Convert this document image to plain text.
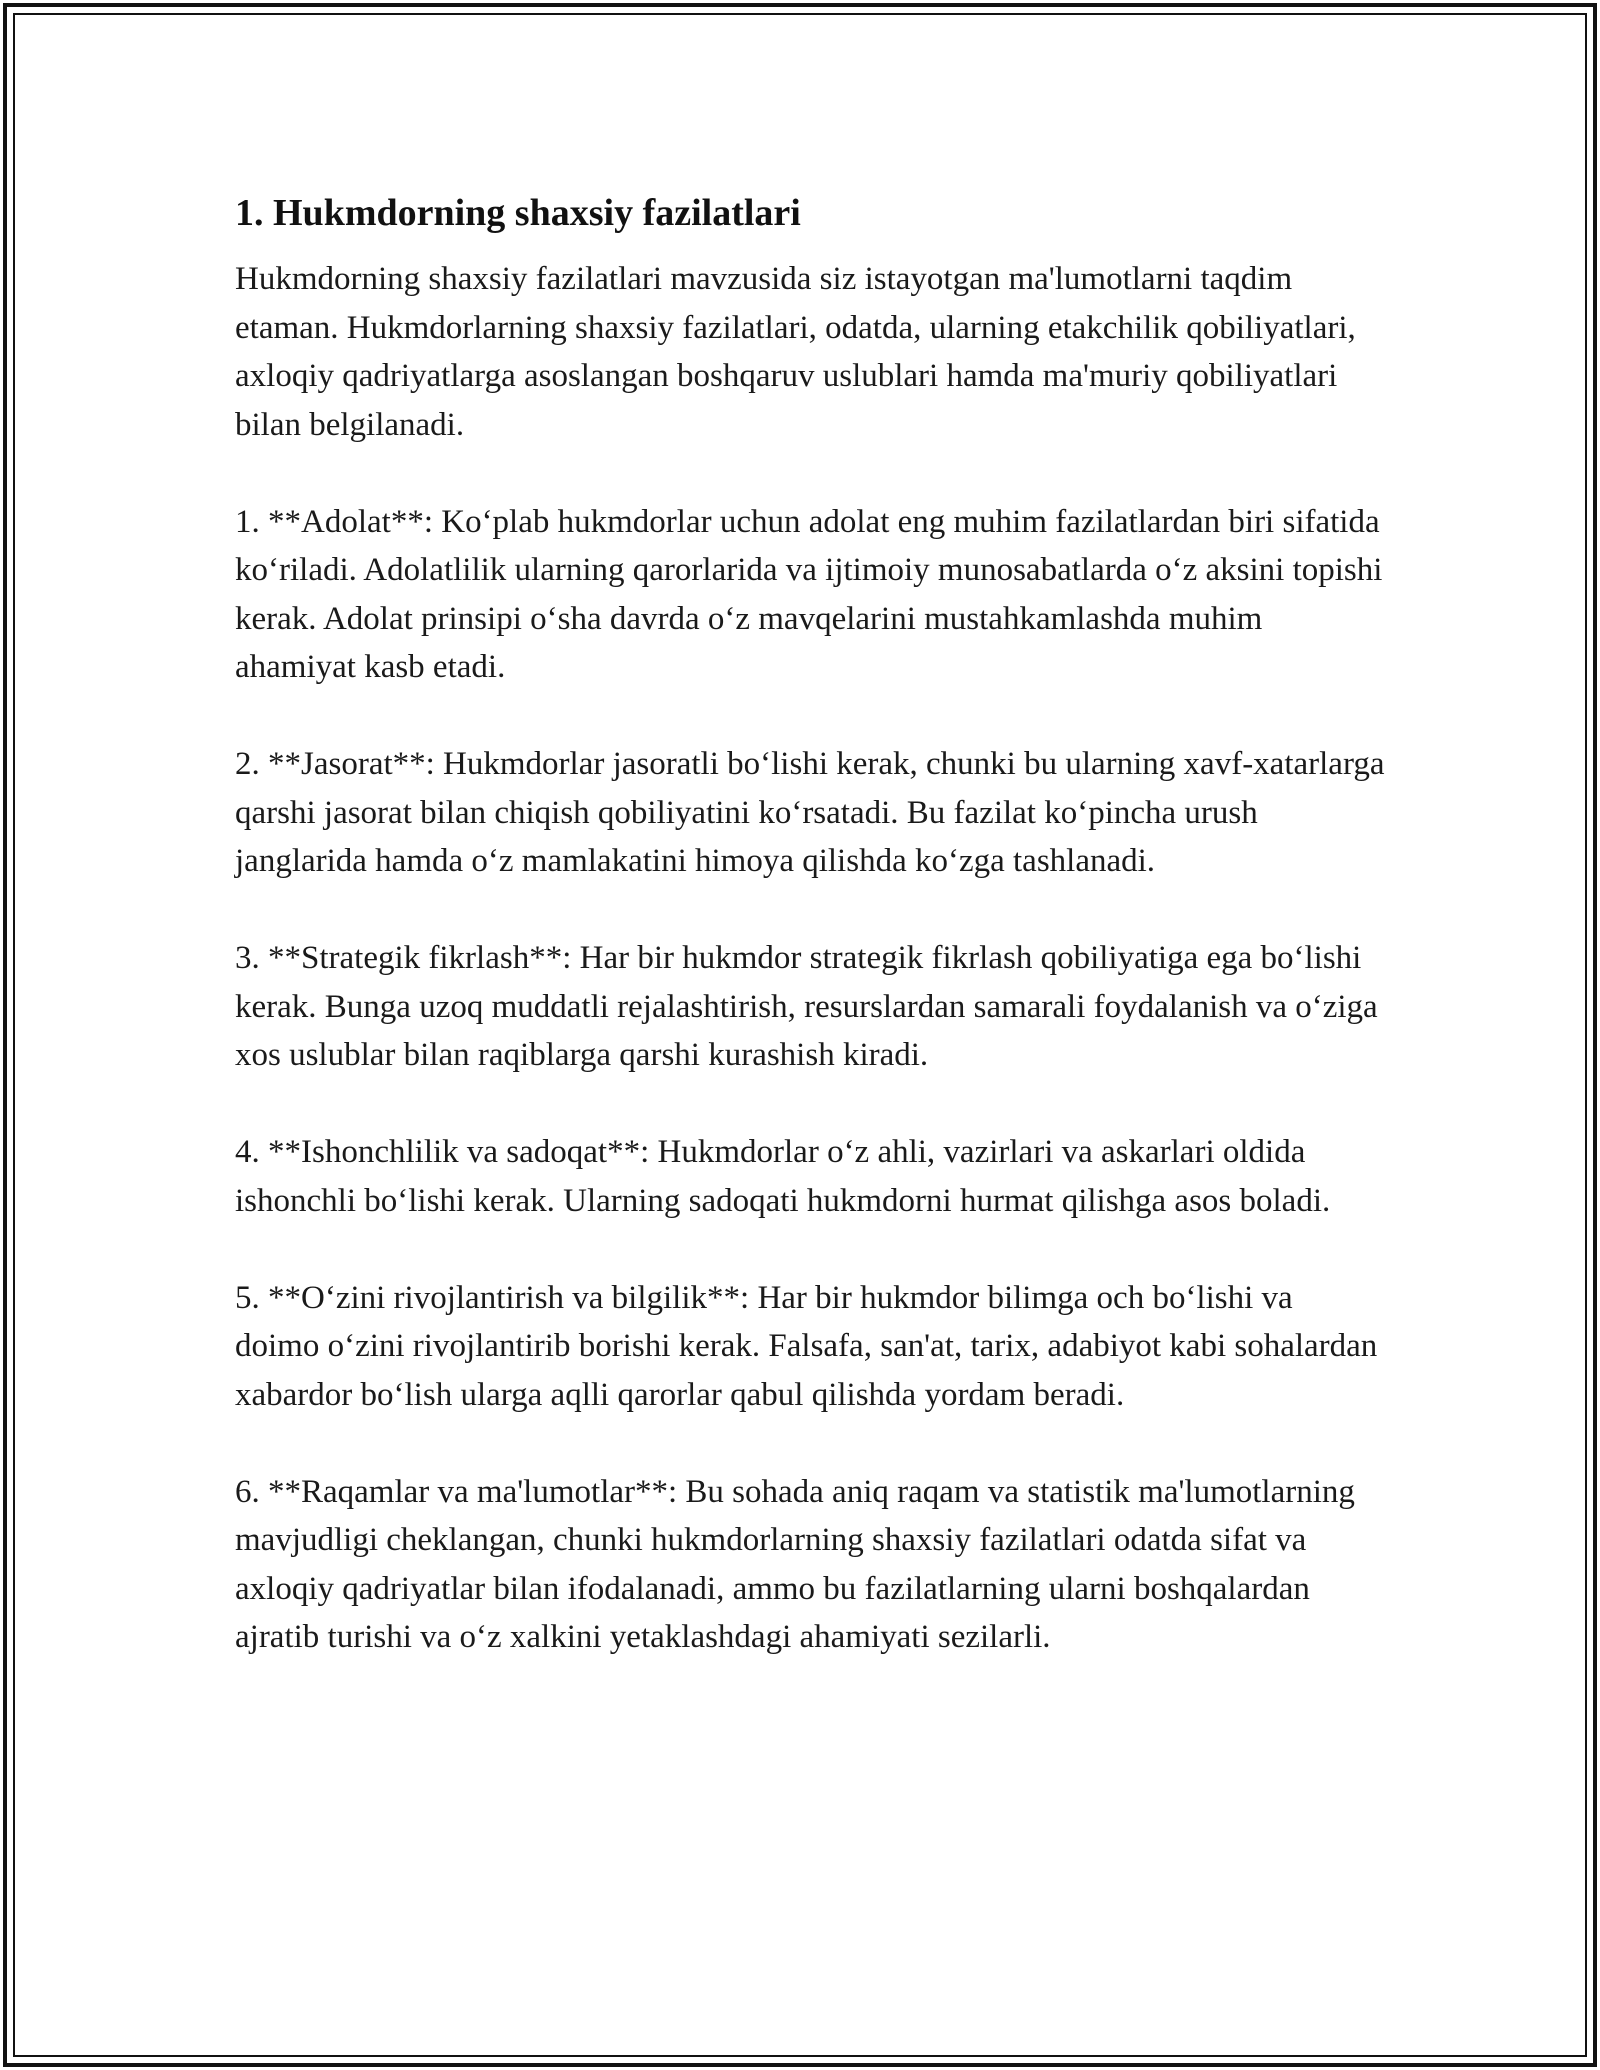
1. Hukmdorning shaxsiy fazilatlari

Hukmdorning shaxsiy fazilatlari mavzusida siz istayotgan ma'lumotlarni taqdim etaman. Hukmdorlarning shaxsiy fazilatlari, odatda, ularning etakchilik qobiliyatlari, axloqiy qadriyatlarga asoslangan boshqaruv uslublari hamda ma'muriy qobiliyatlari bilan belgilanadi.

1. **Adolat**: Koʻplab hukmdorlar uchun adolat eng muhim fazilatlardan biri sifatida koʻriladi. Adolatlilik ularning qarorlarida va ijtimoiy munosabatlarda oʻz aksini topishi kerak. Adolat prinsipi oʻsha davrda oʻz mavqelarini mustahkamlashda muhim ahamiyat kasb etadi.

2. **Jasorat**: Hukmdorlar jasoratli boʻlishi kerak, chunki bu ularning xavf-xatarlarga qarshi jasorat bilan chiqish qobiliyatini koʻrsatadi. Bu fazilat koʻpincha urush janglarida hamda oʻz mamlakatini himoya qilishda koʻzga tashlanadi.

3. **Strategik fikrlash**: Har bir hukmdor strategik fikrlash qobiliyatiga ega boʻlishi kerak. Bunga uzoq muddatli rejalashtirish, resurslardan samarali foydalanish va oʻziga xos uslublar bilan raqiblarga qarshi kurashish kiradi.

4. **Ishonchlilik va sadoqat**: Hukmdorlar oʻz ahli, vazirlari va askarlari oldida ishonchli boʻlishi kerak. Ularning sadoqati hukmdorni hurmat qilishga asos boladi.

5. **Oʻzini rivojlantirish va bilgilik**: Har bir hukmdor bilimga och boʻlishi va doimo oʻzini rivojlantirib borishi kerak. Falsafa, san'at, tarix, adabiyot kabi sohalardan xabardor boʻlish ularga aqlli qarorlar qabul qilishda yordam beradi.

6. **Raqamlar va ma'lumotlar**: Bu sohada aniq raqam va statistik ma'lumotlarning mavjudligi cheklangan, chunki hukmdorlarning shaxsiy fazilatlari odatda sifat va axloqiy qadriyatlar bilan ifodalanadi, ammo bu fazilatlarning ularni boshqalardan ajratib turishi va oʻz xalkini yetaklashdagi ahamiyati sezilarli.
